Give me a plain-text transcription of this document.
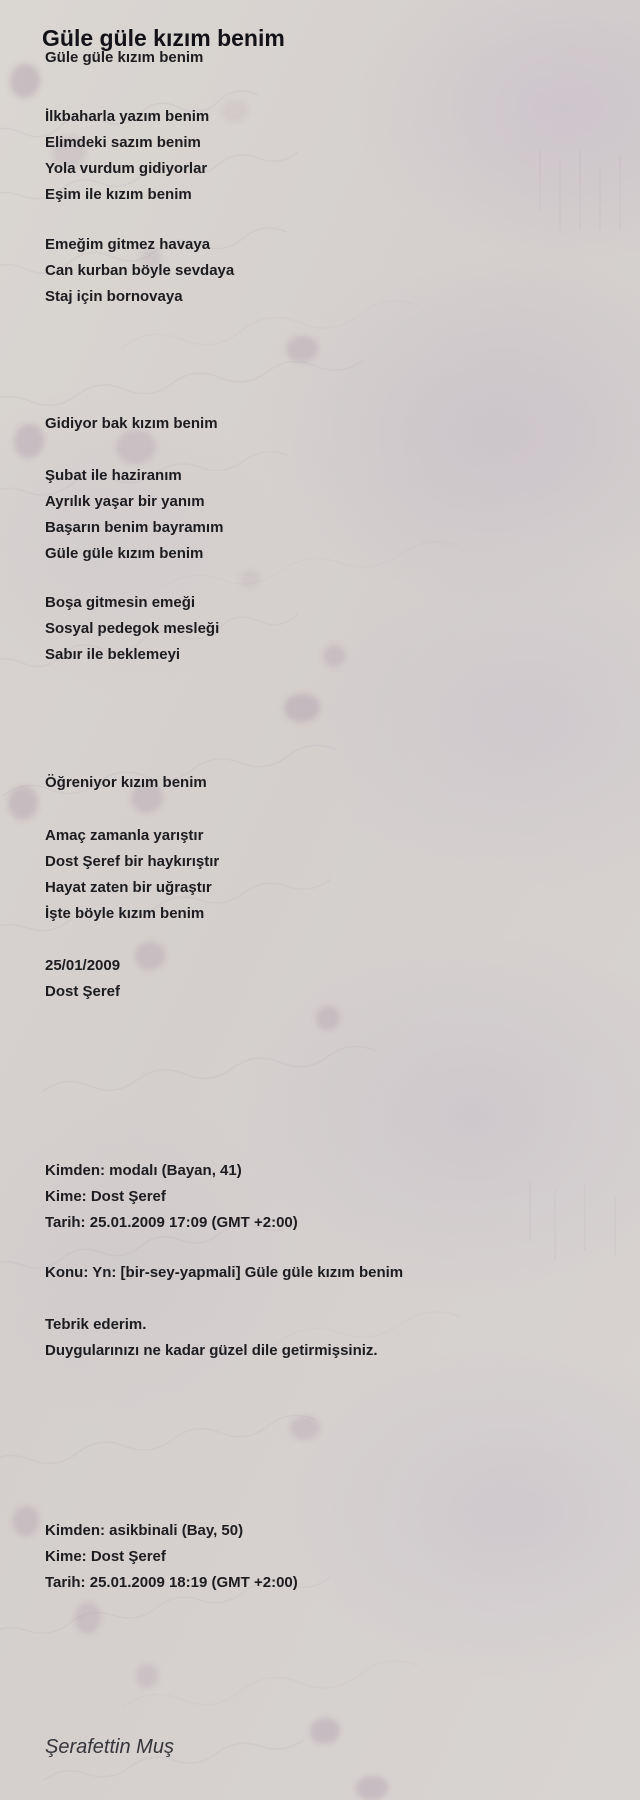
Güle güle kızım benim
Güle güle kızım benim
İlkbaharla yazım benim
Elimdeki sazım benim
Yola vurdum gidiyorlar
Eşim ile kızım benim
Emeğim gitmez havaya
Can kurban böyle sevdaya
Staj için bornovaya
Gidiyor bak kızım benim
Şubat ile haziranım
Ayrılık yaşar bir yanım
Başarın benim bayramım
Güle güle kızım benim
Boşa gitmesin emeği
Sosyal pedegok mesleği
Sabır ile beklemeyi
Öğreniyor kızım benim
Amaç zamanla yarıştır
Dost Şeref bir haykırıştır
Hayat zaten bir uğraştır
İşte böyle kızım benim
25/01/2009
Dost Şeref
Kimden: modalı (Bayan, 41)
Kime: Dost Şeref
Tarih: 25.01.2009 17:09 (GMT +2:00)
Konu: Yn: [bir-sey-yapmali] Güle güle kızım benim
Tebrik ederim.
Duygularınızı ne kadar güzel dile getirmişsiniz.
Kimden: asikbinali (Bay, 50)
Kime: Dost Şeref
Tarih: 25.01.2009 18:19 (GMT +2:00)
Şerafettin Muş
